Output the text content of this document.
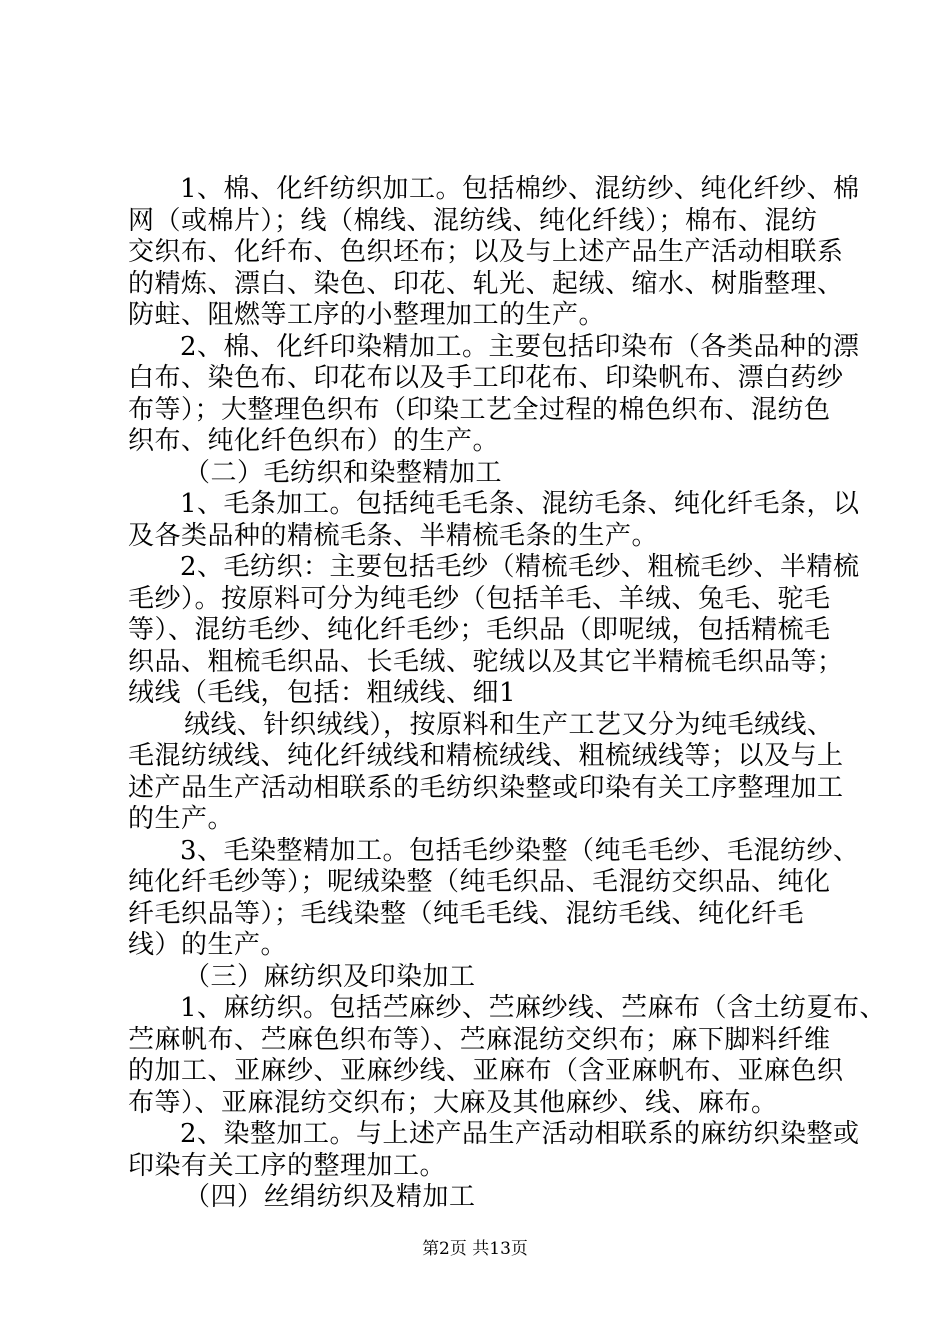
1、棉、化纤纺织加工。包括棉纱、混纺纱、纯化纤纱、棉
网（或棉片）；线（棉线、混纺线、纯化纤线）；棉布、混纺
交织布、化纤布、色织坯布；以及与上述产品生产活动相联系
的精炼、漂白、染色、印花、轧光、起绒、缩水、树脂整理、
防蛀、阻燃等工序的小整理加工的生产。
2、棉、化纤印染精加工。主要包括印染布（各类品种的漂
白布、染色布、印花布以及手工印花布、印染帆布、漂白药纱
布等）；大整理色织布（印染工艺全过程的棉色织布、混纺色
织布、纯化纤色织布）的生产。
（二）毛纺织和染整精加工
1、毛条加工。包括纯毛毛条、混纺毛条、纯化纤毛条，以
及各类品种的精梳毛条、半精梳毛条的生产。
2、毛纺织：主要包括毛纱（精梳毛纱、粗梳毛纱、半精梳
毛纱）。按原料可分为纯毛纱（包括羊毛、羊绒、兔毛、驼毛
等）、混纺毛纱、纯化纤毛纱；毛织品（即呢绒，包括精梳毛
织品、粗梳毛织品、长毛绒、驼绒以及其它半精梳毛织品等；
绒线（毛线，包括：粗绒线、细1
绒线、针织绒线），按原料和生产工艺又分为纯毛绒线、
毛混纺绒线、纯化纤绒线和精梳绒线、粗梳绒线等；以及与上
述产品生产活动相联系的毛纺织染整或印染有关工序整理加工
的生产。
3、毛染整精加工。包括毛纱染整（纯毛毛纱、毛混纺纱、
纯化纤毛纱等）；呢绒染整（纯毛织品、毛混纺交织品、纯化
纤毛织品等）；毛线染整（纯毛毛线、混纺毛线、纯化纤毛
线）的生产。
（三）麻纺织及印染加工
1、麻纺织。包括苎麻纱、苎麻纱线、苎麻布（含土纺夏布、
苎麻帆布、苎麻色织布等）、苎麻混纺交织布；麻下脚料纤维
的加工、亚麻纱、亚麻纱线、亚麻布（含亚麻帆布、亚麻色织
布等）、亚麻混纺交织布；大麻及其他麻纱、线、麻布。
2、染整加工。与上述产品生产活动相联系的麻纺织染整或
印染有关工序的整理加工。
（四）丝绢纺织及精加工
第2页 共13页
